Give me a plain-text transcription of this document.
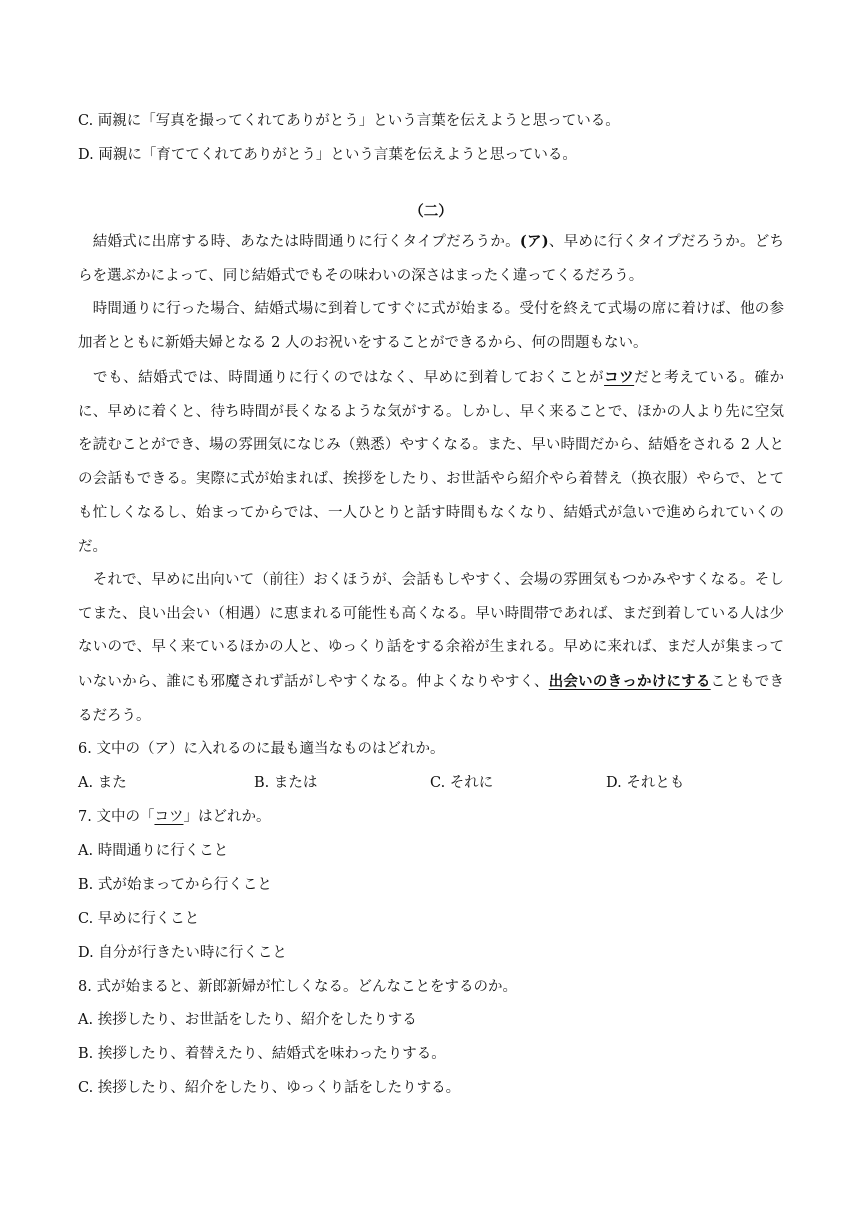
C. 両親に「写真を撮ってくれてありがとう」という言葉を伝えようと思っている。
D. 両親に「育ててくれてありがとう」という言葉を伝えようと思っている。
（二）
　結婚式に出席する時、あなたは時間通りに行くタイプだろうか。(ア)、早めに行くタイプだろうか。どちらを選ぶかによって、同じ結婚式でもその味わいの深さはまったく違ってくるだろう。
　時間通りに行った場合、結婚式場に到着してすぐに式が始まる。受付を終えて式場の席に着けば、他の参加者とともに新婚夫婦となる 2 人のお祝いをすることができるから、何の問題もない。
　でも、結婚式では、時間通りに行くのではなく、早めに到着しておくことがコツだと考えている。確かに、早めに着くと、待ち時間が長くなるような気がする。しかし、早く来ることで、ほかの人より先に空気を読むことができ、場の雰囲気になじみ（熟悉）やすくなる。また、早い時間だから、結婚をされる 2 人との会話もできる。実際に式が始まれば、挨拶をしたり、お世話やら紹介やら着替え（换衣服）やらで、とても忙しくなるし、始まってからでは、一人ひとりと話す時間もなくなり、結婚式が急いで進められていくのだ。
　それで、早めに出向いて（前往）おくほうが、会話もしやすく、会場の雰囲気もつかみやすくなる。そしてまた、良い出会い（相遇）に恵まれる可能性も高くなる。早い時間帯であれば、まだ到着している人は少ないので、早く来ているほかの人と、ゆっくり話をする余裕が生まれる。早めに来れば、まだ人が集まっていないから、誰にも邪魔されず話がしやすくなる。仲よくなりやすく、出会いのきっかけにすることもできるだろう。
6. 文中の（ア）に入れるのに最も適当なものはどれか。
A. また	B. または	C. それに	D. それとも
7. 文中の「コツ」はどれか。
A. 時間通りに行くこと
B. 式が始まってから行くこと
C. 早めに行くこと
D. 自分が行きたい時に行くこと
8. 式が始まると、新郎新婦が忙しくなる。どんなことをするのか。
A. 挨拶したり、お世話をしたり、紹介をしたりする
B. 挨拶したり、着替えたり、結婚式を味わったりする。
C. 挨拶したり、紹介をしたり、ゆっくり話をしたりする。
